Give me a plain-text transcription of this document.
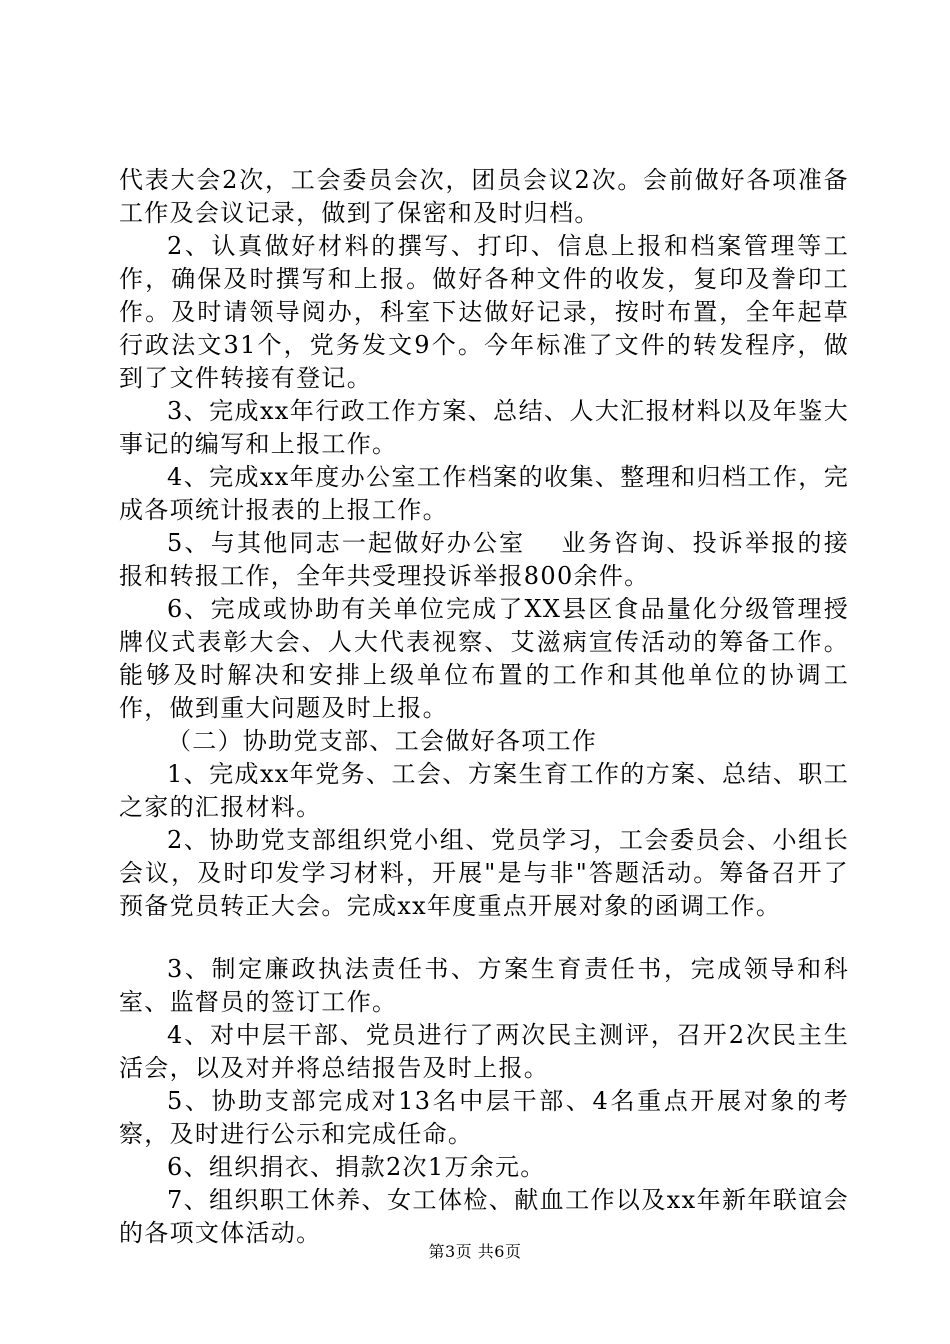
代表大会2次，工会委员会次，团员会议2次。会前做好各项准备工作及会议记录，做到了保密和及时归档。

2、认真做好材料的撰写、打印、信息上报和档案管理等工作，确保及时撰写和上报。做好各种文件的收发，复印及誊印工作。及时请领导阅办，科室下达做好记录，按时布置，全年起草行政法文31个，党务发文9个。今年标准了文件的转发程序，做到了文件转接有登记。

3、完成xx年行政工作方案、总结、人大汇报材料以及年鉴大事记的编写和上报工作。

4、完成xx年度办公室工作档案的收集、整理和归档工作，完成各项统计报表的上报工作。

5、与其他同志一起做好办公室　 业务咨询、投诉举报的接报和转报工作，全年共受理投诉举报800余件。

6、完成或协助有关单位完成了XX县区食品量化分级管理授牌仪式表彰大会、人大代表视察、艾滋病宣传活动的筹备工作。能够及时解决和安排上级单位布置的工作和其他单位的协调工作，做到重大问题及时上报。

（二）协助党支部、工会做好各项工作

1、完成xx年党务、工会、方案生育工作的方案、总结、职工之家的汇报材料。

2、协助党支部组织党小组、党员学习，工会委员会、小组长会议，及时印发学习材料，开展"是与非"答题活动。筹备召开了预备党员转正大会。完成xx年度重点开展对象的函调工作。

3、制定廉政执法责任书、方案生育责任书，完成领导和科室、监督员的签订工作。

4、对中层干部、党员进行了两次民主测评，召开2次民主生活会，以及对并将总结报告及时上报。

5、协助支部完成对13名中层干部、4名重点开展对象的考察，及时进行公示和完成任命。

6、组织捐衣、捐款2次1万余元。

7、组织职工休养、女工体检、献血工作以及xx年新年联谊会的各项文体活动。

第3页 共6页
